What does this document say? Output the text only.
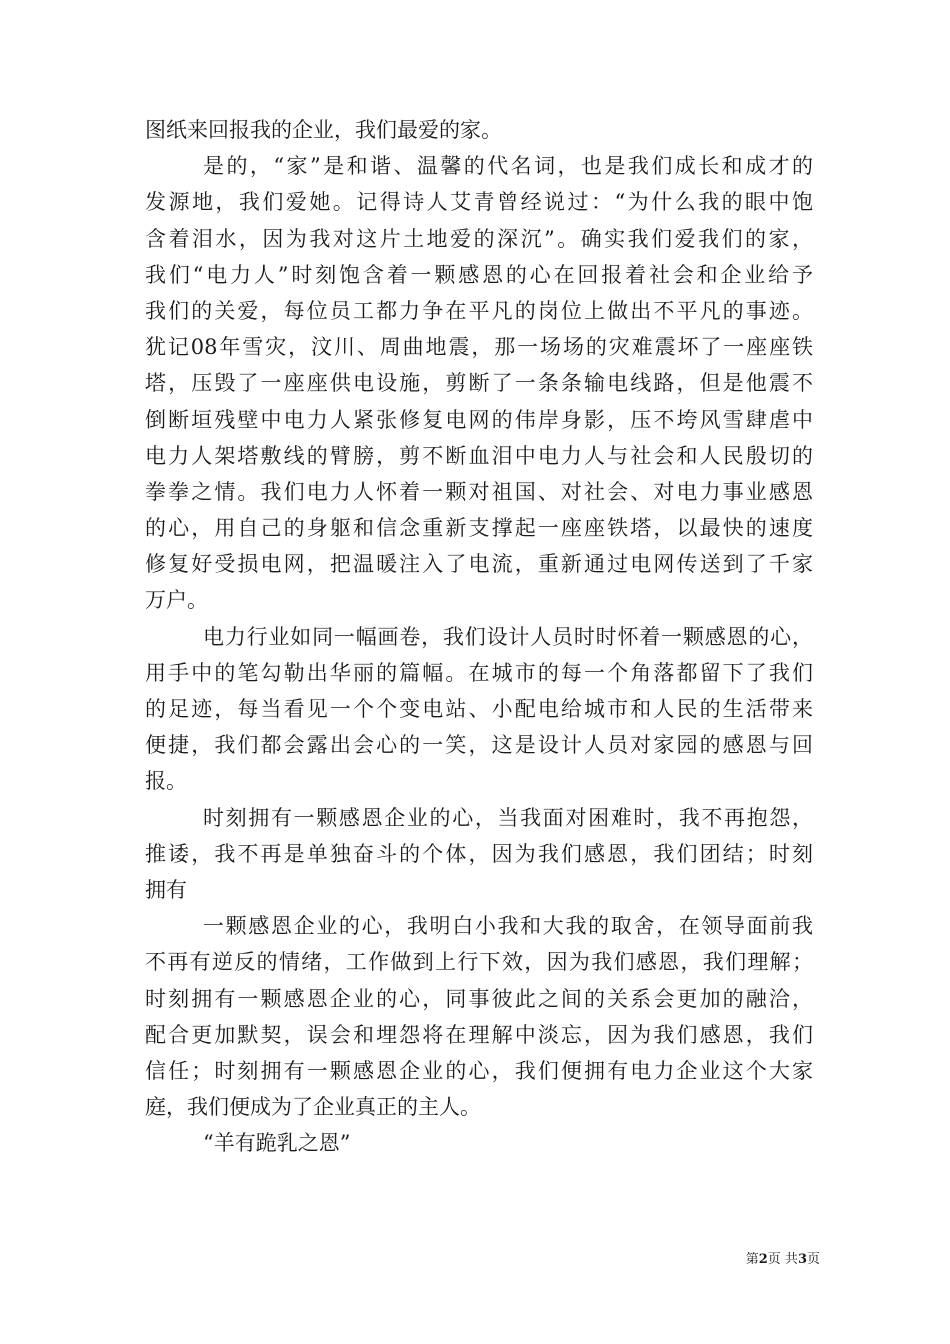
图纸来回报我的企业，我们最爱的家。
是的，“家”是和谐、温馨的代名词，也是我们成长和成才的
发源地，我们爱她。记得诗人艾青曾经说过：“为什么我的眼中饱
含着泪水，因为我对这片土地爱的深沉”。确实我们爱我们的家，
我们“电力人”时刻饱含着一颗感恩的心在回报着社会和企业给予
我们的关爱，每位员工都力争在平凡的岗位上做出不平凡的事迹。
犹记08年雪灾，汶川、周曲地震，那一场场的灾难震坏了一座座铁
塔，压毁了一座座供电设施，剪断了一条条输电线路，但是他震不
倒断垣残壁中电力人紧张修复电网的伟岸身影，压不垮风雪肆虐中
电力人架塔敷线的臂膀，剪不断血泪中电力人与社会和人民殷切的
拳拳之情。我们电力人怀着一颗对祖国、对社会、对电力事业感恩
的心，用自己的身躯和信念重新支撑起一座座铁塔，以最快的速度
修复好受损电网，把温暖注入了电流，重新通过电网传送到了千家
万户。
电力行业如同一幅画卷，我们设计人员时时怀着一颗感恩的心，
用手中的笔勾勒出华丽的篇幅。在城市的每一个角落都留下了我们
的足迹，每当看见一个个变电站、小配电给城市和人民的生活带来
便捷，我们都会露出会心的一笑，这是设计人员对家园的感恩与回
报。
时刻拥有一颗感恩企业的心，当我面对困难时，我不再抱怨，
推诿，我不再是单独奋斗的个体，因为我们感恩，我们团结；时刻
拥有
一颗感恩企业的心，我明白小我和大我的取舍，在领导面前我
不再有逆反的情绪，工作做到上行下效，因为我们感恩，我们理解；
时刻拥有一颗感恩企业的心，同事彼此之间的关系会更加的融洽，
配合更加默契，误会和埋怨将在理解中淡忘，因为我们感恩，我们
信任；时刻拥有一颗感恩企业的心，我们便拥有电力企业这个大家
庭，我们便成为了企业真正的主人。
“羊有跪乳之恩”
第2页 共3页
